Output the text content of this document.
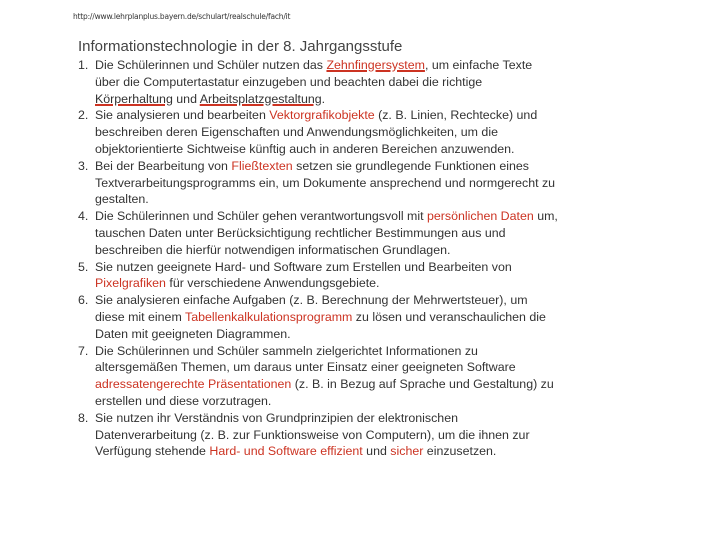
http://www.lehrplanplus.bayern.de/schulart/realschule/fach/it
Informationstechnologie in der 8. Jahrgangsstufe
1. Die Schülerinnen und Schüler nutzen das Zehnfingersystem, um einfache Texte über die Computertastatur einzugeben und beachten dabei die richtige Körperhaltung und Arbeitsplatzgestaltung.
2. Sie analysieren und bearbeiten Vektorgrafikobjekte (z. B. Linien, Rechtecke) und beschreiben deren Eigenschaften und Anwendungsmöglichkeiten, um die objektorientierte Sichtweise künftig auch in anderen Bereichen anzuwenden.
3. Bei der Bearbeitung von Fließtexten setzen sie grundlegende Funktionen eines Textverarbeitungsprogramms ein, um Dokumente ansprechend und normgerecht zu gestalten.
4. Die Schülerinnen und Schüler gehen verantwortungsvoll mit persönlichen Daten um, tauschen Daten unter Berücksichtigung rechtlicher Bestimmungen aus und beschreiben die hierfür notwendigen informatischen Grundlagen.
5. Sie nutzen geeignete Hard- und Software zum Erstellen und Bearbeiten von Pixelgrafiken für verschiedene Anwendungsgebiete.
6. Sie analysieren einfache Aufgaben (z. B. Berechnung der Mehrwertsteuer), um diese mit einem Tabellenkalkulationsprogramm zu lösen und veranschaulichen die Daten mit geeigneten Diagrammen.
7. Die Schülerinnen und Schüler sammeln zielgerichtet Informationen zu altersgemäßen Themen, um daraus unter Einsatz einer geeigneten Software adressatengerechte Präsentationen (z. B. in Bezug auf Sprache und Gestaltung) zu erstellen und diese vorzutragen.
8. Sie nutzen ihr Verständnis von Grundprinzipien der elektronischen Datenverarbeitung (z. B. zur Funktionsweise von Computern), um die ihnen zur Verfügung stehende Hard- und Software effizient und sicher einzusetzen.
